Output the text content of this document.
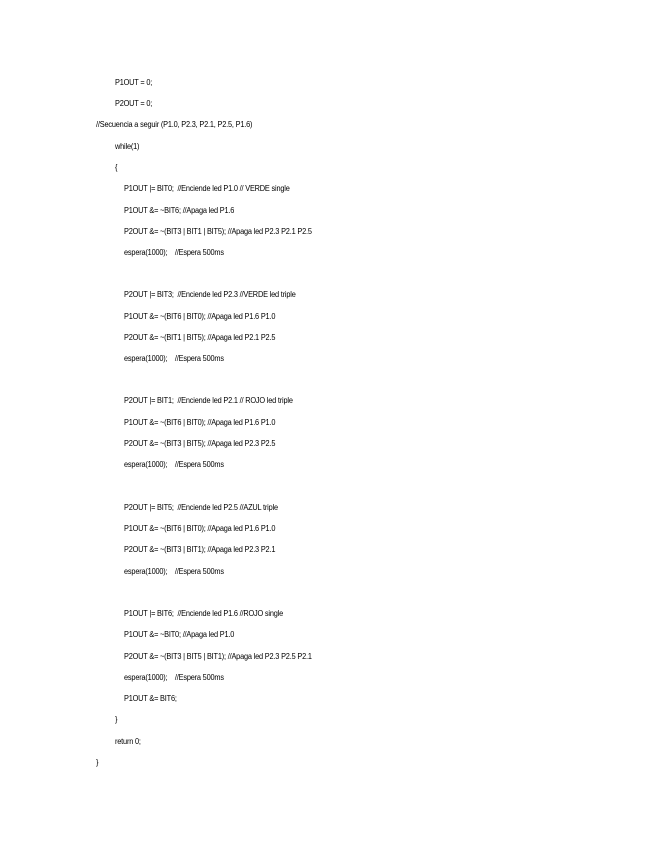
P1OUT = 0;
P2OUT = 0;
//Secuencia a seguir (P1.0, P2.3, P2.1, P2.5, P1.6)
while(1)
{
P1OUT |= BIT0;  //Enciende led P1.0 // VERDE single
P1OUT &= ~BIT6; //Apaga led P1.6
P2OUT &= ~(BIT3 | BIT1 | BIT5); //Apaga led P2.3 P2.1 P2.5
espera(1000);    //Espera 500ms
P2OUT |= BIT3;  //Enciende led P2.3 //VERDE led triple
P1OUT &= ~(BIT6 | BIT0); //Apaga led P1.6 P1.0
P2OUT &= ~(BIT1 | BIT5); //Apaga led P2.1 P2.5
espera(1000);    //Espera 500ms
P2OUT |= BIT1;  //Enciende led P2.1 // ROJO led triple
P1OUT &= ~(BIT6 | BIT0); //Apaga led P1.6 P1.0
P2OUT &= ~(BIT3 | BIT5); //Apaga led P2.3 P2.5
espera(1000);    //Espera 500ms
P2OUT |= BIT5;  //Enciende led P2.5 //AZUL triple
P1OUT &= ~(BIT6 | BIT0); //Apaga led P1.6 P1.0
P2OUT &= ~(BIT3 | BIT1); //Apaga led P2.3 P2.1
espera(1000);    //Espera 500ms
P1OUT |= BIT6;  //Enciende led P1.6 //ROJO single
P1OUT &= ~BIT0; //Apaga led P1.0
P2OUT &= ~(BIT3 | BIT5 | BIT1); //Apaga led P2.3 P2.5 P2.1
espera(1000);    //Espera 500ms
P1OUT &= BIT6;
}
return 0;
}
